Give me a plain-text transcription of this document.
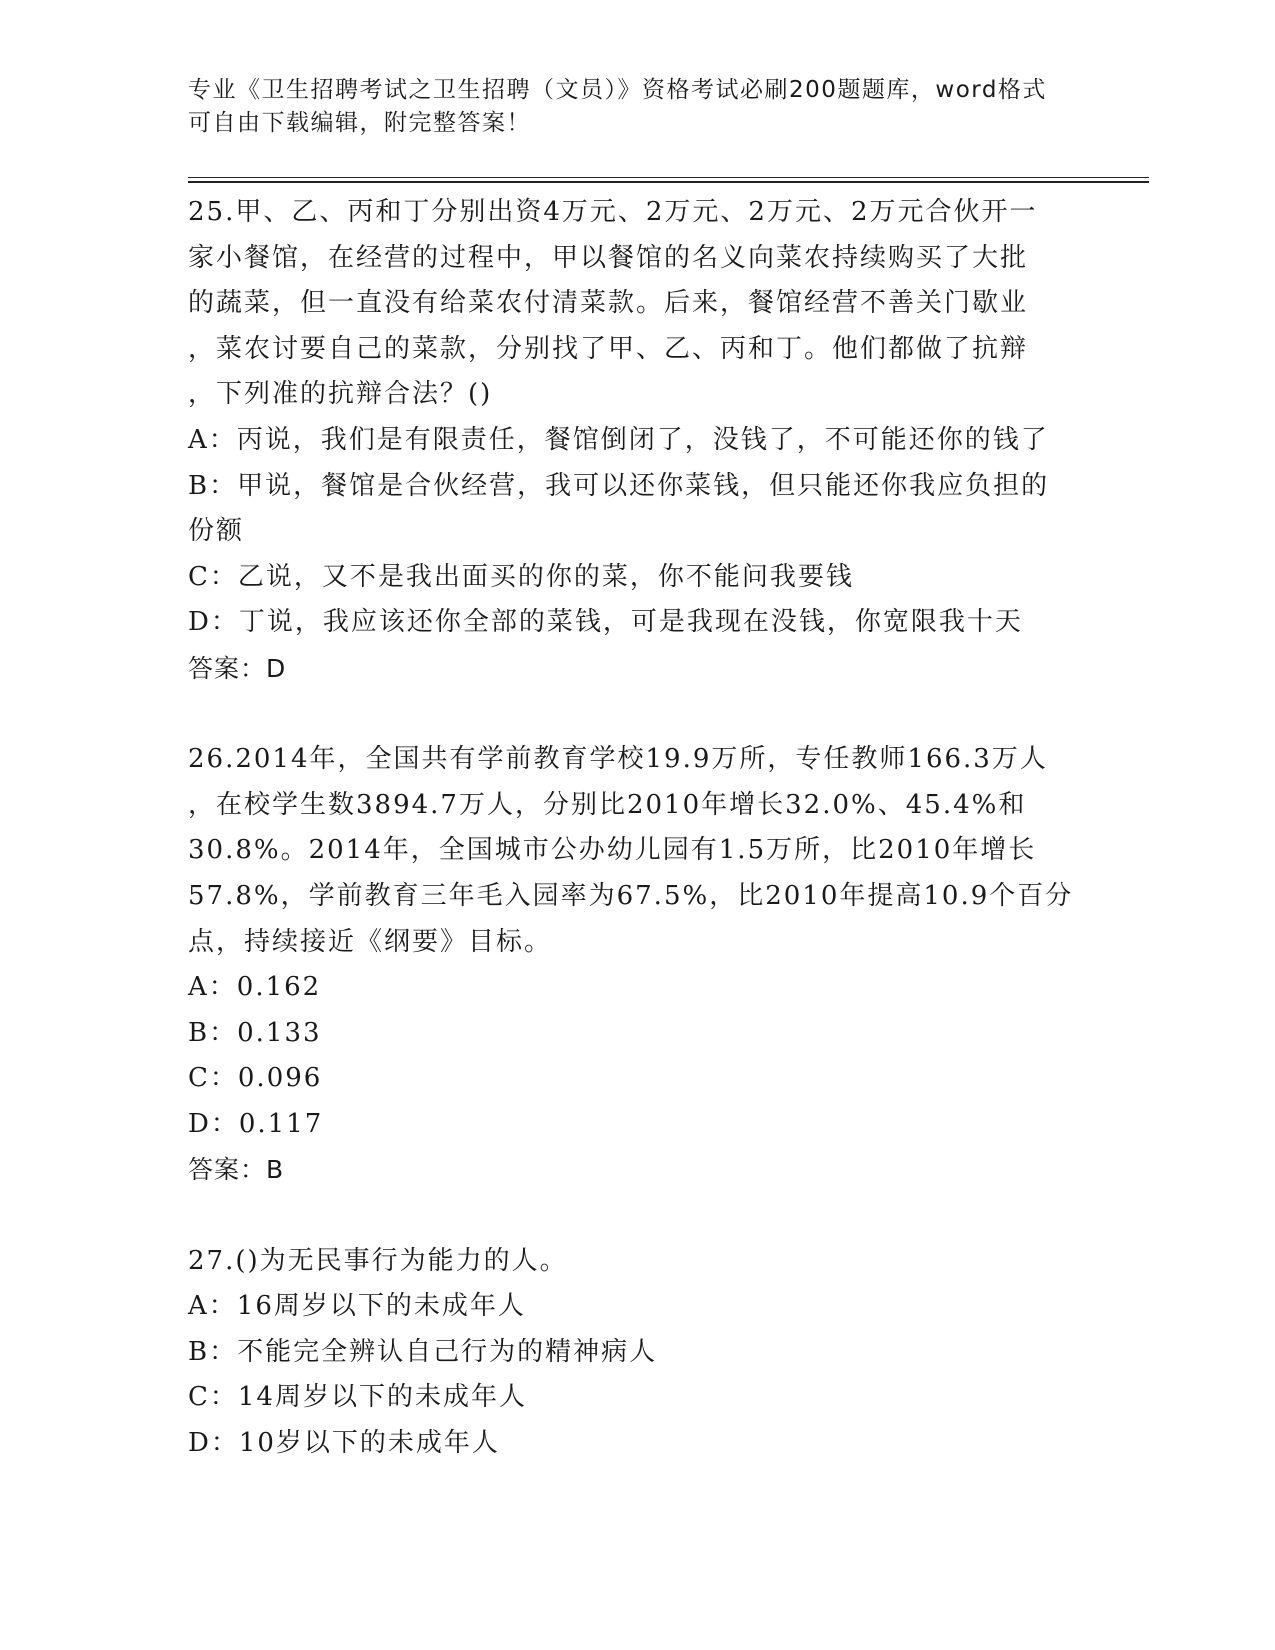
专业《卫生招聘考试之卫生招聘（文员）》资格考试必刷200题题库，word格式
可自由下载编辑，附完整答案！
25.甲、乙、丙和丁分别出资4万元、2万元、2万元、2万元合伙开一
家小餐馆，在经营的过程中，甲以餐馆的名义向菜农持续购买了大批
的蔬菜，但一直没有给菜农付清菜款。后来，餐馆经营不善关门歇业
，菜农讨要自己的菜款，分别找了甲、乙、丙和丁。他们都做了抗辩
，下列准的抗辩合法？()
A：丙说，我们是有限责任，餐馆倒闭了，没钱了，不可能还你的钱了
B：甲说，餐馆是合伙经营，我可以还你菜钱，但只能还你我应负担的
份额
C：乙说，又不是我出面买的你的菜，你不能问我要钱
D：丁说，我应该还你全部的菜钱，可是我现在没钱，你宽限我十天
答案：D
26.2014年，全国共有学前教育学校19.9万所，专任教师166.3万人
，在校学生数3894.7万人，分别比2010年增长32.0%、45.4%和
30.8%。2014年，全国城市公办幼儿园有1.5万所，比2010年增长
57.8%，学前教育三年毛入园率为67.5%，比2010年提高10.9个百分
点，持续接近《纲要》目标。
A：0.162
B：0.133
C：0.096
D：0.117
答案：B
27.()为无民事行为能力的人。
A：16周岁以下的未成年人
B：不能完全辨认自己行为的精神病人
C：14周岁以下的未成年人
D：10岁以下的未成年人
